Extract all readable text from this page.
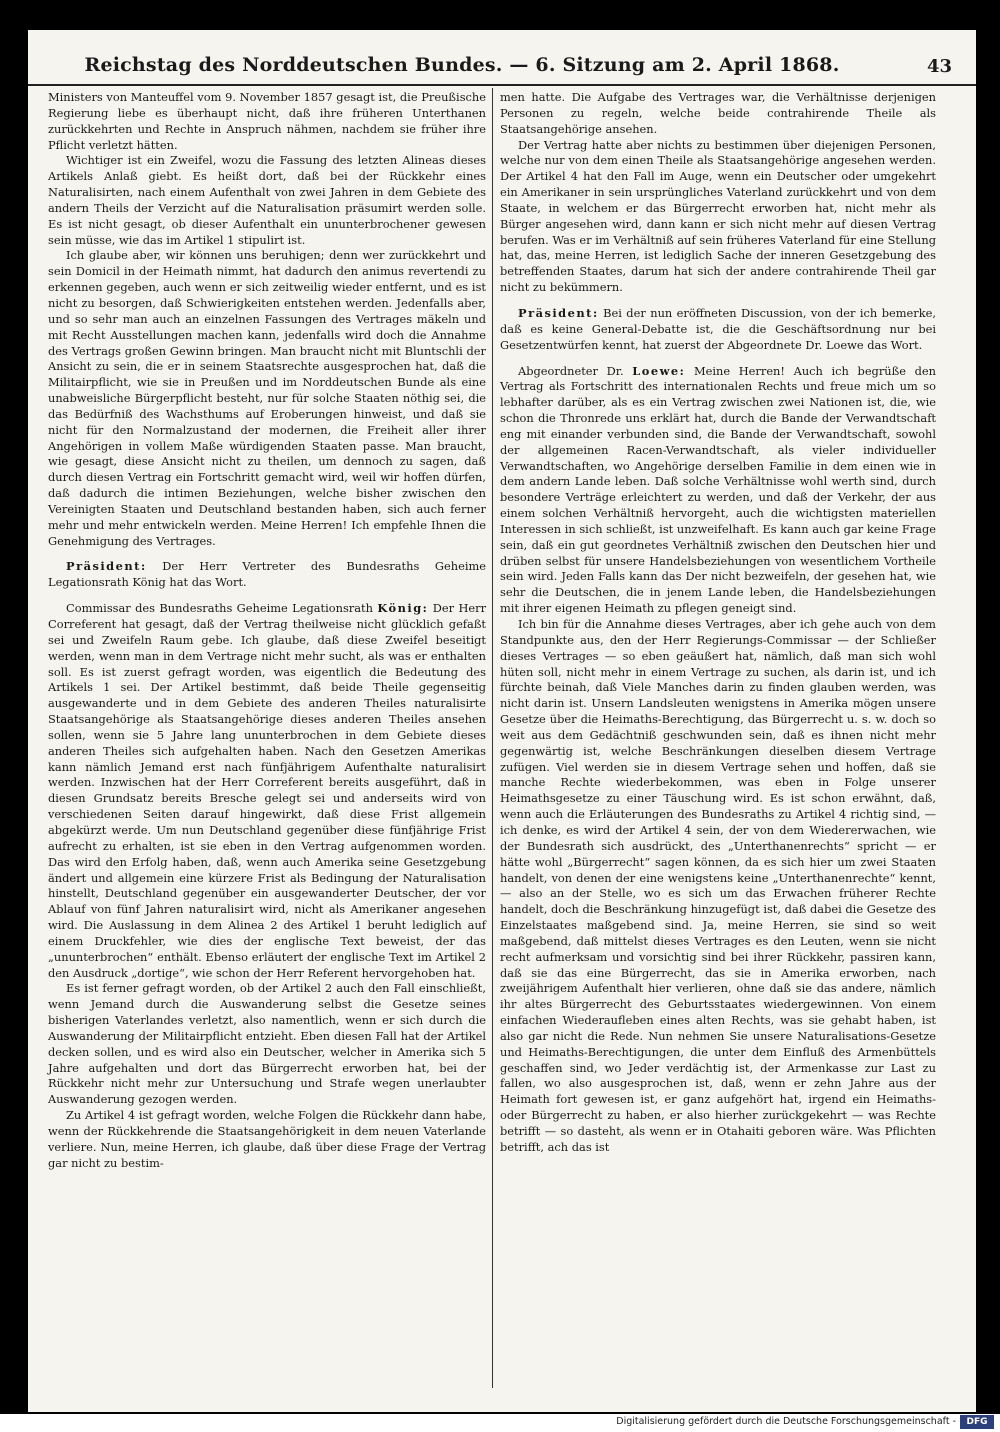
Reichstag des Norddeutschen Bundes. — 6. Sitzung am 2. April 1868.	43

Ministers von Manteuffel vom 9. November 1857 gesagt ist, die Preußische Regierung liebe es überhaupt nicht, daß ihre früheren Unterthanen zurückkehrten und Rechte in Anspruch nähmen, nachdem sie früher ihre Pflicht verletzt hätten.

Wichtiger ist ein Zweifel, wozu die Fassung des letzten Alineas dieses Artikels Anlaß giebt. Es heißt dort, daß bei der Rückkehr eines Naturalisirten, nach einem Aufenthalt von zwei Jahren in dem Gebiete des andern Theils der Verzicht auf die Naturalisation präsumirt werden solle. Es ist nicht gesagt, ob dieser Aufenthalt ein ununterbrochener gewesen sein müsse, wie das im Artikel 1 stipulirt ist.

Ich glaube aber, wir können uns beruhigen; denn wer zurückkehrt und sein Domicil in der Heimath nimmt, hat dadurch den animus revertendi zu erkennen gegeben, auch wenn er sich zeitweilig wieder entfernt, und es ist nicht zu besorgen, daß Schwierigkeiten entstehen werden. Jedenfalls aber, und so sehr man auch an einzelnen Fassungen des Vertrages mäkeln und mit Recht Ausstellungen machen kann, jedenfalls wird doch die Annahme des Vertrags großen Gewinn bringen. Man braucht nicht mit Bluntschli der Ansicht zu sein, die er in seinem Staatsrechte ausgesprochen hat, daß die Militairpflicht, wie sie in Preußen und im Norddeutschen Bunde als eine unabweisliche Bürgerpflicht besteht, nur für solche Staaten nöthig sei, die das Bedürfniß des Wachsthums auf Eroberungen hinweist, und daß sie nicht für den Normalzustand der modernen, die Freiheit aller ihrer Angehörigen in vollem Maße würdigenden Staaten passe. Man braucht, wie gesagt, diese Ansicht nicht zu theilen, um dennoch zu sagen, daß durch diesen Vertrag ein Fortschritt gemacht wird, weil wir hoffen dürfen, daß dadurch die intimen Beziehungen, welche bisher zwischen den Vereinigten Staaten und Deutschland bestanden haben, sich auch ferner mehr und mehr entwickeln werden. Meine Herren! Ich empfehle Ihnen die Genehmigung des Vertrages.

Präsident: Der Herr Vertreter des Bundesraths Geheime Legationsrath König hat das Wort.

Commissar des Bundesraths Geheime Legationsrath König: Der Herr Correferent hat gesagt, daß der Vertrag theilweise nicht glücklich gefaßt sei und Zweifeln Raum gebe. Ich glaube, daß diese Zweifel beseitigt werden, wenn man in dem Vertrage nicht mehr sucht, als was er enthalten soll. Es ist zuerst gefragt worden, was eigentlich die Bedeutung des Artikels 1 sei. Der Artikel bestimmt, daß beide Theile gegenseitig ausgewanderte und in dem Gebiete des anderen Theiles naturalisirte Staatsangehörige als Staatsangehörige dieses anderen Theiles ansehen sollen, wenn sie 5 Jahre lang ununterbrochen in dem Gebiete dieses anderen Theiles sich aufgehalten haben. Nach den Gesetzen Amerikas kann nämlich Jemand erst nach fünfjährigem Aufenthalte naturalisirt werden. Inzwischen hat der Herr Correferent bereits ausgeführt, daß in diesen Grundsatz bereits Bresche gelegt sei und anderseits wird von verschiedenen Seiten darauf hingewirkt, daß diese Frist allgemein abgekürzt werde. Um nun Deutschland gegenüber diese fünfjährige Frist aufrecht zu erhalten, ist sie eben in den Vertrag aufgenommen worden. Das wird den Erfolg haben, daß, wenn auch Amerika seine Gesetzgebung ändert und allgemein eine kürzere Frist als Bedingung der Naturalisation hinstellt, Deutschland gegenüber ein ausgewanderter Deutscher, der vor Ablauf von fünf Jahren naturalisirt wird, nicht als Amerikaner angesehen wird. Die Auslassung in dem Alinea 2 des Artikel 1 beruht lediglich auf einem Druckfehler, wie dies der englische Text beweist, der das „ununterbrochen“ enthält. Ebenso erläutert der englische Text im Artikel 2 den Ausdruck „dortige“, wie schon der Herr Referent hervorgehoben hat.

Es ist ferner gefragt worden, ob der Artikel 2 auch den Fall einschließt, wenn Jemand durch die Auswanderung selbst die Gesetze seines bisherigen Vaterlandes verletzt, also namentlich, wenn er sich durch die Auswanderung der Militairpflicht entzieht. Eben diesen Fall hat der Artikel decken sollen, und es wird also ein Deutscher, welcher in Amerika sich 5 Jahre aufgehalten und dort das Bürgerrecht erworben hat, bei der Rückkehr nicht mehr zur Untersuchung und Strafe wegen unerlaubter Auswanderung gezogen werden.

Zu Artikel 4 ist gefragt worden, welche Folgen die Rückkehr dann habe, wenn der Rückkehrende die Staatsangehörigkeit in dem neuen Vaterlande verliere. Nun, meine Herren, ich glaube, daß über diese Frage der Vertrag gar nicht zu bestim-

men hatte. Die Aufgabe des Vertrages war, die Verhältnisse derjenigen Personen zu regeln, welche beide contrahirende Theile als Staatsangehörige ansehen.

Der Vertrag hatte aber nichts zu bestimmen über diejenigen Personen, welche nur von dem einen Theile als Staatsangehörige angesehen werden. Der Artikel 4 hat den Fall im Auge, wenn ein Deutscher oder umgekehrt ein Amerikaner in sein ursprüngliches Vaterland zurückkehrt und von dem Staate, in welchem er das Bürgerrecht erworben hat, nicht mehr als Bürger angesehen wird, dann kann er sich nicht mehr auf diesen Vertrag berufen. Was er im Verhältniß auf sein früheres Vaterland für eine Stellung hat, das, meine Herren, ist lediglich Sache der inneren Gesetzgebung des betreffenden Staates, darum hat sich der andere contrahirende Theil gar nicht zu bekümmern.

Präsident: Bei der nun eröffneten Discussion, von der ich bemerke, daß es keine General-Debatte ist, die die Geschäftsordnung nur bei Gesetzentwürfen kennt, hat zuerst der Abgeordnete Dr. Loewe das Wort.

Abgeordneter Dr. Loewe: Meine Herren! Auch ich begrüße den Vertrag als Fortschritt des internationalen Rechts und freue mich um so lebhafter darüber, als es ein Vertrag zwischen zwei Nationen ist, die, wie schon die Thronrede uns erklärt hat, durch die Bande der Verwandtschaft eng mit einander verbunden sind, die Bande der Verwandtschaft, sowohl der allgemeinen Racen-Verwandtschaft, als vieler individueller Verwandtschaften, wo Angehörige derselben Familie in dem einen wie in dem andern Lande leben. Daß solche Verhältnisse wohl werth sind, durch besondere Verträge erleichtert zu werden, und daß der Verkehr, der aus einem solchen Verhältniß hervorgeht, auch die wichtigsten materiellen Interessen in sich schließt, ist unzweifelhaft. Es kann auch gar keine Frage sein, daß ein gut geordnetes Verhältniß zwischen den Deutschen hier und drüben selbst für unsere Handelsbeziehungen von wesentlichem Vortheile sein wird. Jeden Falls kann das Der nicht bezweifeln, der gesehen hat, wie sehr die Deutschen, die in jenem Lande leben, die Handelsbeziehungen mit ihrer eigenen Heimath zu pflegen geneigt sind.

Ich bin für die Annahme dieses Vertrages, aber ich gehe auch von dem Standpunkte aus, den der Herr Regierungs-Commissar — der Schließer dieses Vertrages — so eben geäußert hat, nämlich, daß man sich wohl hüten soll, nicht mehr in einem Vertrage zu suchen, als darin ist, und ich fürchte beinah, daß Viele Manches darin zu finden glauben werden, was nicht darin ist. Unsern Landsleuten wenigstens in Amerika mögen unsere Gesetze über die Heimaths-Berechtigung, das Bürgerrecht u. s. w. doch so weit aus dem Gedächtniß geschwunden sein, daß es ihnen nicht mehr gegenwärtig ist, welche Beschränkungen dieselben diesem Vertrage zufügen. Viel werden sie in diesem Vertrage sehen und hoffen, daß sie manche Rechte wiederbekommen, was eben in Folge unserer Heimathsgesetze zu einer Täuschung wird. Es ist schon erwähnt, daß, wenn auch die Erläuterungen des Bundesraths zu Artikel 4 richtig sind, — ich denke, es wird der Artikel 4 sein, der von dem Wiedererwachen, wie der Bundesrath sich ausdrückt, des „Unterthanenrechts“ spricht — er hätte wohl „Bürgerrecht“ sagen können, da es sich hier um zwei Staaten handelt, von denen der eine wenigstens keine „Unterthanenrechte“ kennt, — also an der Stelle, wo es sich um das Erwachen früherer Rechte handelt, doch die Beschränkung hinzugefügt ist, daß dabei die Gesetze des Einzelstaates maßgebend sind. Ja, meine Herren, sie sind so weit maßgebend, daß mittelst dieses Vertrages es den Leuten, wenn sie nicht recht aufmerksam und vorsichtig sind bei ihrer Rückkehr, passiren kann, daß sie das eine Bürgerrecht, das sie in Amerika erworben, nach zweijährigem Aufenthalt hier verlieren, ohne daß sie das andere, nämlich ihr altes Bürgerrecht des Geburtsstaates wiedergewinnen. Von einem einfachen Wiederaufleben eines alten Rechts, was sie gehabt haben, ist also gar nicht die Rede. Nun nehmen Sie unsere Naturalisations-Gesetze und Heimaths-Berechtigungen, die unter dem Einfluß des Armenbüttels geschaffen sind, wo Jeder verdächtig ist, der Armenkasse zur Last zu fallen, wo also ausgesprochen ist, daß, wenn er zehn Jahre aus der Heimath fort gewesen ist, er ganz aufgehört hat, irgend ein Heimaths- oder Bürgerrecht zu haben, er also hierher zurückgekehrt — was Rechte betrifft — so dasteht, als wenn er in Otahaiti geboren wäre. Was Pflichten betrifft, ach das ist

Digitalisierung gefördert durch die Deutsche Forschungsgemeinschaft -	DFG
